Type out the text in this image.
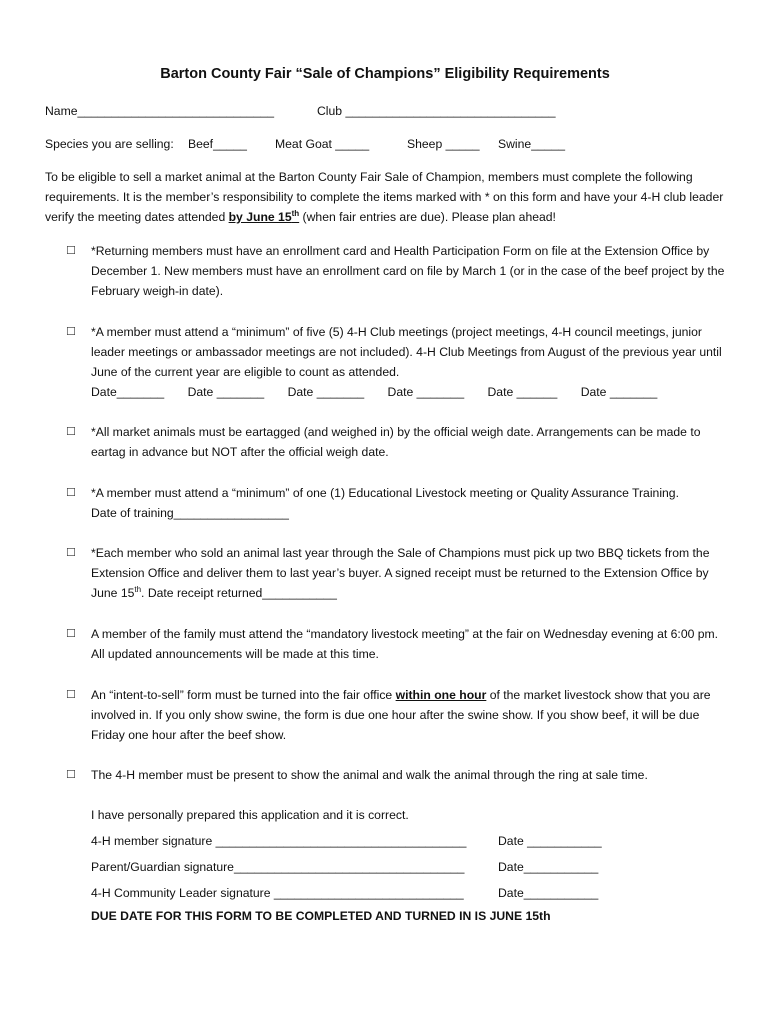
Barton County Fair “Sale of Champions” Eligibility Requirements
Name_____________________________	Club _______________________________
Species you are selling: Beef_____ Meat Goat _____	Sheep _____ Swine_____
To be eligible to sell a market animal at the Barton County Fair Sale of Champion, members must complete the following requirements. It is the member’s responsibility to complete the items marked with * on this form and have your 4-H club leader verify the meeting dates attended by June 15th (when fair entries are due). Please plan ahead!
☐	*Returning members must have an enrollment card and Health Participation Form on file at the Extension Office by December 1. New members must have an enrollment card on file by March 1 (or in the case of the beef project by the February weigh-in date).
☐	*A member must attend a “minimum” of five (5) 4-H Club meetings (project meetings, 4-H council meetings, junior leader meetings or ambassador meetings are not included). 4-H Club Meetings from August of the previous year until June of the current year are eligible to count as attended.
Date_______ Date _______ Date _______ Date _______ Date ______ Date _______
☐	*All market animals must be eartagged (and weighed in) by the official weigh date. Arrangements can be made to eartag in advance but NOT after the official weigh date.
☐	*A member must attend a “minimum” of one (1) Educational Livestock meeting or Quality Assurance Training.
Date of training_________________
☐	*Each member who sold an animal last year through the Sale of Champions must pick up two BBQ tickets from the Extension Office and deliver them to last year’s buyer. A signed receipt must be returned to the Extension Office by June 15th. Date receipt returned___________
☐	A member of the family must attend the “mandatory livestock meeting” at the fair on Wednesday evening at 6:00 pm. All updated announcements will be made at this time.
☐	An “intent-to-sell” form must be turned into the fair office within one hour of the market livestock show that you are involved in. If you only show swine, the form is due one hour after the swine show. If you show beef, it will be due Friday one hour after the beef show.
☐	The 4-H member must be present to show the animal and walk the animal through the ring at sale time.
I have personally prepared this application and it is correct.
4-H member signature _____________________________________	Date ___________
Parent/Guardian signature__________________________________	Date___________
4-H Community Leader signature ____________________________	Date___________
DUE DATE FOR THIS FORM TO BE COMPLETED AND TURNED IN IS JUNE 15th
